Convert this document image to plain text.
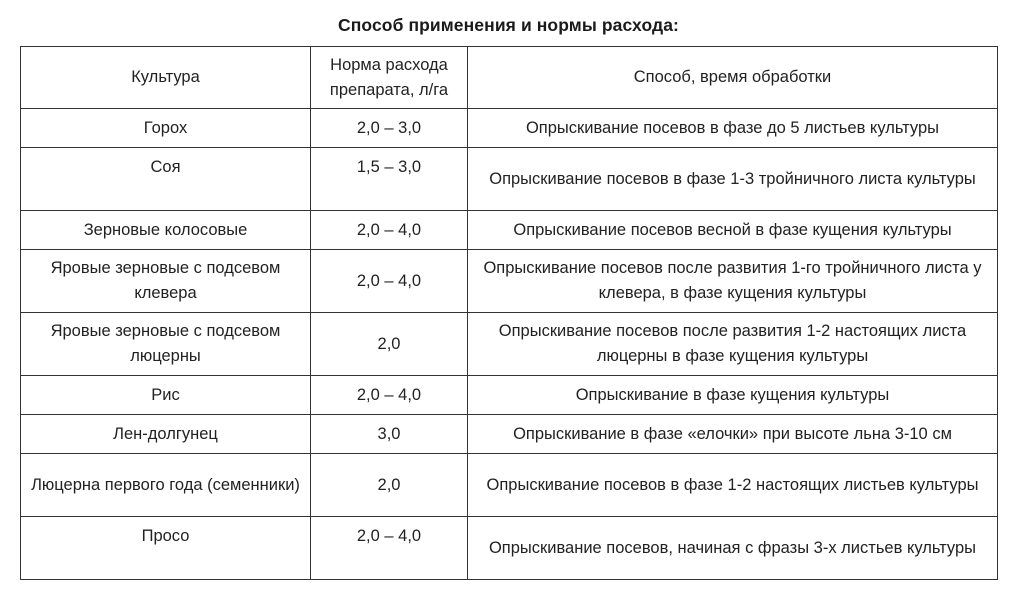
Способ применения и нормы расхода:
Культура	Норма расхода препарата, л/га	Способ, время обработки
Горох	2,0 – 3,0	Опрыскивание посевов в фазе до 5 листьев культуры
Соя	1,5 – 3,0	Опрыскивание посевов в фазе 1-3 тройничного листа культуры
Зерновые колосовые	2,0 – 4,0	Опрыскивание посевов весной в фазе кущения культуры
Яровые зерновые с подсевом клевера	2,0 – 4,0	Опрыскивание посевов после развития 1-го тройничного листа у клевера, в фазе кущения культуры
Яровые зерновые с подсевом люцерны	2,0	Опрыскивание посевов после развития 1-2 настоящих листа люцерны в фазе кущения культуры
Рис	2,0 – 4,0	Опрыскивание в фазе кущения культуры
Лен-долгунец	3,0	Опрыскивание в фазе «елочки» при высоте льна 3-10 см
Люцерна первого года (семенники)	2,0	Опрыскивание посевов в фазе 1-2 настоящих листьев культуры
Просо	2,0 – 4,0	Опрыскивание посевов, начиная с фразы 3-х листьев культуры
